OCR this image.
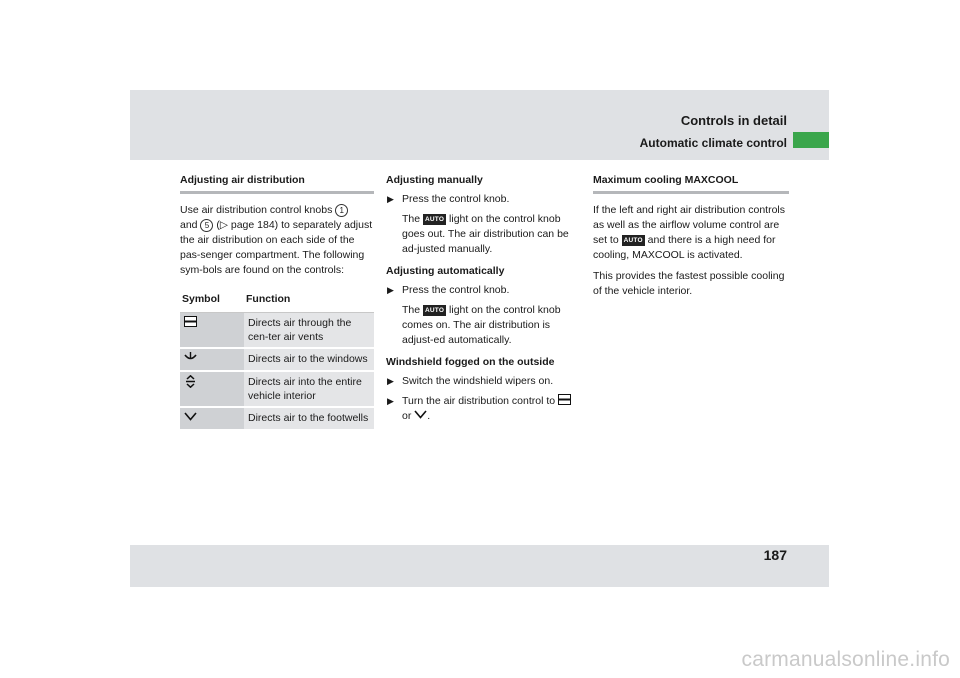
Controls in detail
Automatic climate control
187
carmanualsonline.info
Adjusting air distribution

Use air distribution control knobs 1
and 5 (▷ page 184) to separately adjust the air distribution on each side of the pas-senger compartment. The following sym-bols are found on the controls:

Symbol	Function
	Directs air through the cen-ter air vents
	Directs air to the windows
	Directs air into the entire vehicle interior
	Directs air to the footwells
Adjusting manually
▶ Press the control knob.
The AUTO light on the control knob goes out. The air distribution can be ad-justed manually.
Adjusting automatically
▶ Press the control knob.
The AUTO light on the control knob comes on. The air distribution is adjust-ed automatically.
Windshield fogged on the outside
▶ Switch the windshield wipers on.
▶ Turn the air distribution control to
or .
Maximum cooling MAXCOOL

If the left and right air distribution controls as well as the airflow volume control are set to AUTO and there is a high need for cooling, MAXCOOL is activated.

This provides the fastest possible cooling of the vehicle interior.
